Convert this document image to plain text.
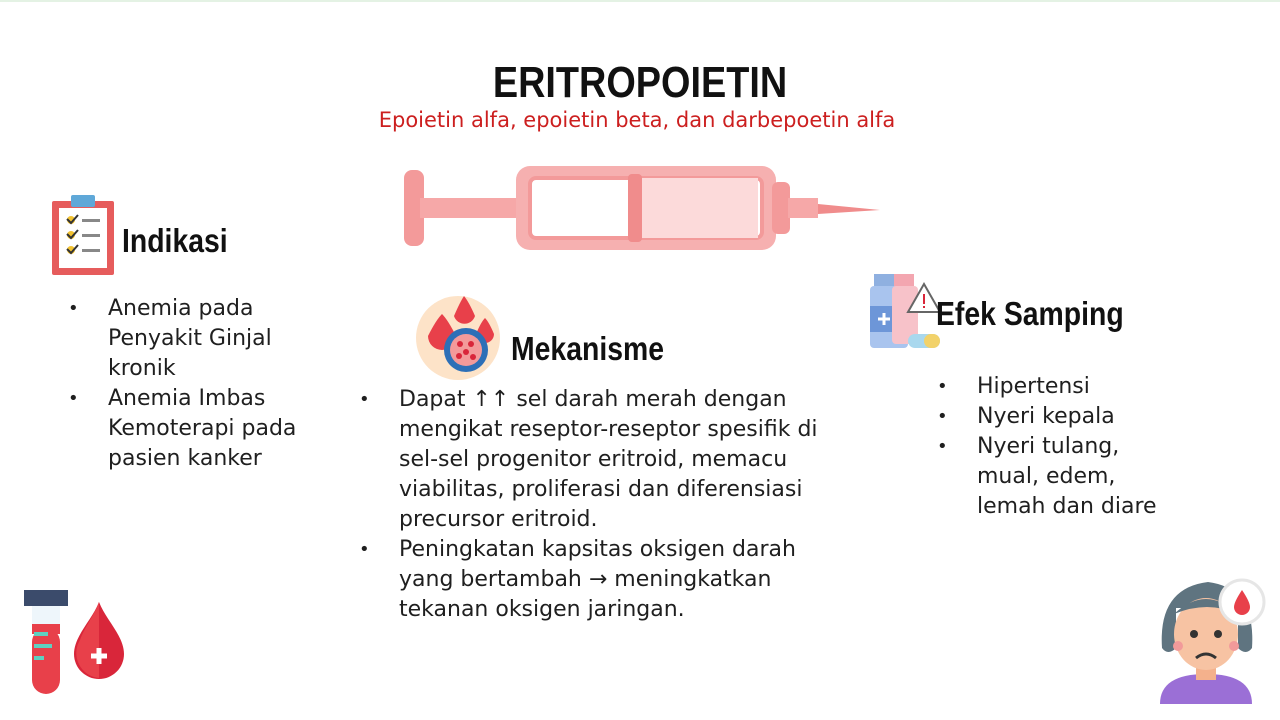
ERITROPOIETIN
Epoietin alfa, epoietin beta, dan darbepoetin alfa
Indikasi
• Anemia pada Penyakit Ginjal kronik
• Anemia Imbas Kemoterapi pada pasien kanker
Mekanisme
• Dapat ↑↑ sel darah merah dengan mengikat reseptor-reseptor spesifik di sel-sel progenitor eritroid, memacu viabilitas, proliferasi dan diferensiasi precursor eritroid.
• Peningkatan kapsitas oksigen darah yang bertambah → meningkatkan tekanan oksigen jaringan.
Efek Samping
• Hipertensi
• Nyeri kepala
• Nyeri tulang, mual, edem, lemah dan diare
